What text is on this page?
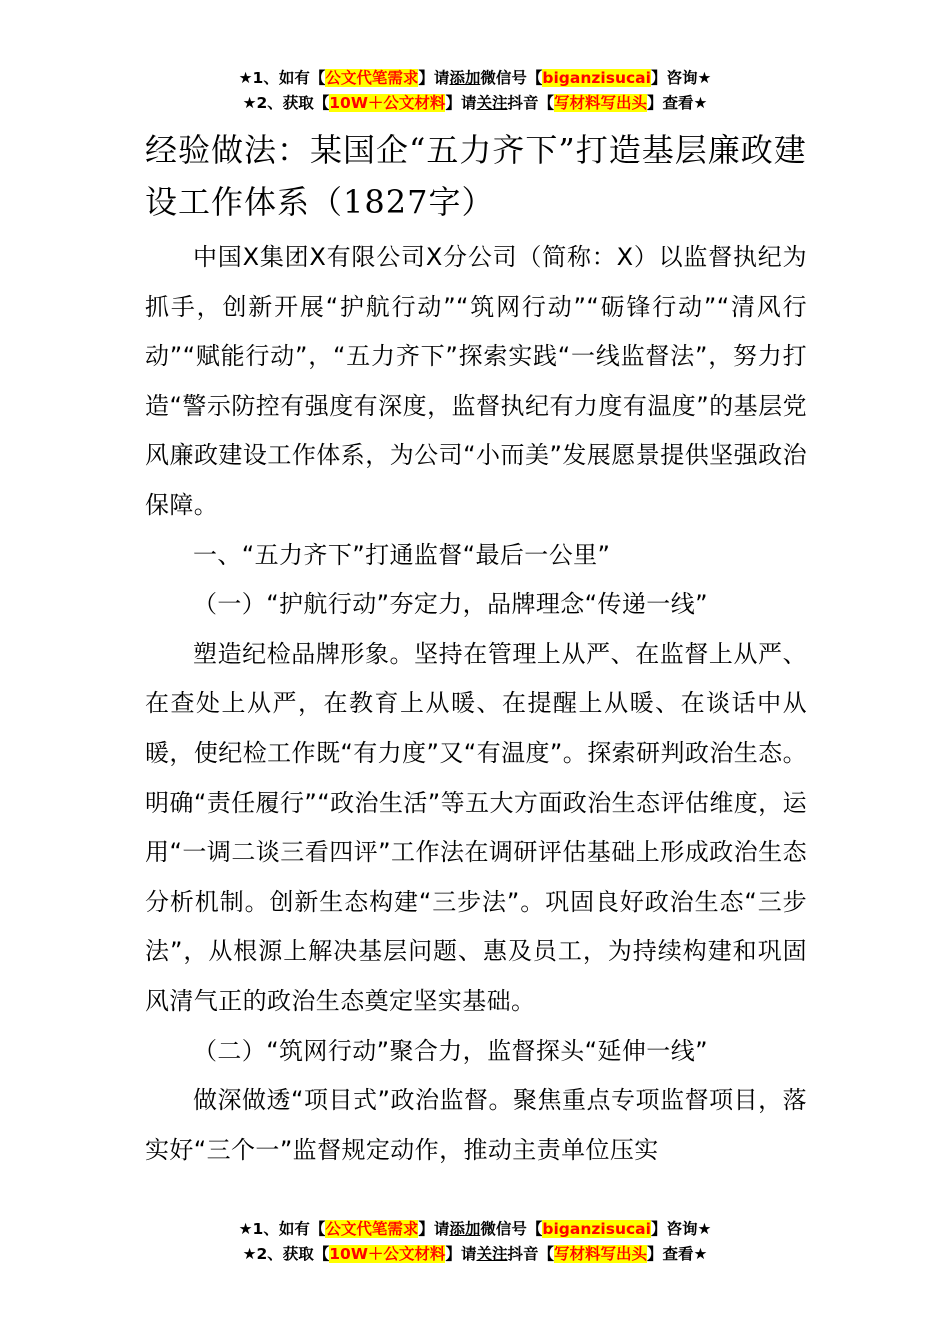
★1、如有【公文代笔需求】请添加微信号【biganzisucai】咨询★
★2、获取【10W＋公文材料】请关注抖音【写材料写出头】查看★
经验做法：某国企“五力齐下”打造基层廉政建设工作体系（1827字）

中国X集团X有限公司X分公司（简称：X）以监督执纪为抓手，创新开展“护航行动”“筑网行动”“砺锋行动”“清风行动”“赋能行动”，“五力齐下”探索实践“一线监督法”，努力打造“警示防控有强度有深度，监督执纪有力度有温度”的基层党风廉政建设工作体系，为公司“小而美”发展愿景提供坚强政治保障。

一、“五力齐下”打通监督“最后一公里”

（一）“护航行动”夯定力，品牌理念“传递一线”

塑造纪检品牌形象。坚持在管理上从严、在监督上从严、在查处上从严，在教育上从暖、在提醒上从暖、在谈话中从暖，使纪检工作既“有力度”又“有温度”。探索研判政治生态。明确“责任履行”“政治生活”等五大方面政治生态评估维度，运用“一调二谈三看四评”工作法在调研评估基础上形成政治生态分析机制。创新生态构建“三步法”。巩固良好政治生态“三步法”，从根源上解决基层问题、惠及员工，为持续构建和巩固风清气正的政治生态奠定坚实基础。

（二）“筑网行动”聚合力，监督探头“延伸一线”

做深做透“项目式”政治监督。聚焦重点专项监督项目，落实好“三个一”监督规定动作，推动主责单位压实

★1、如有【公文代笔需求】请添加微信号【biganzisucai】咨询★
★2、获取【10W＋公文材料】请关注抖音【写材料写出头】查看★
